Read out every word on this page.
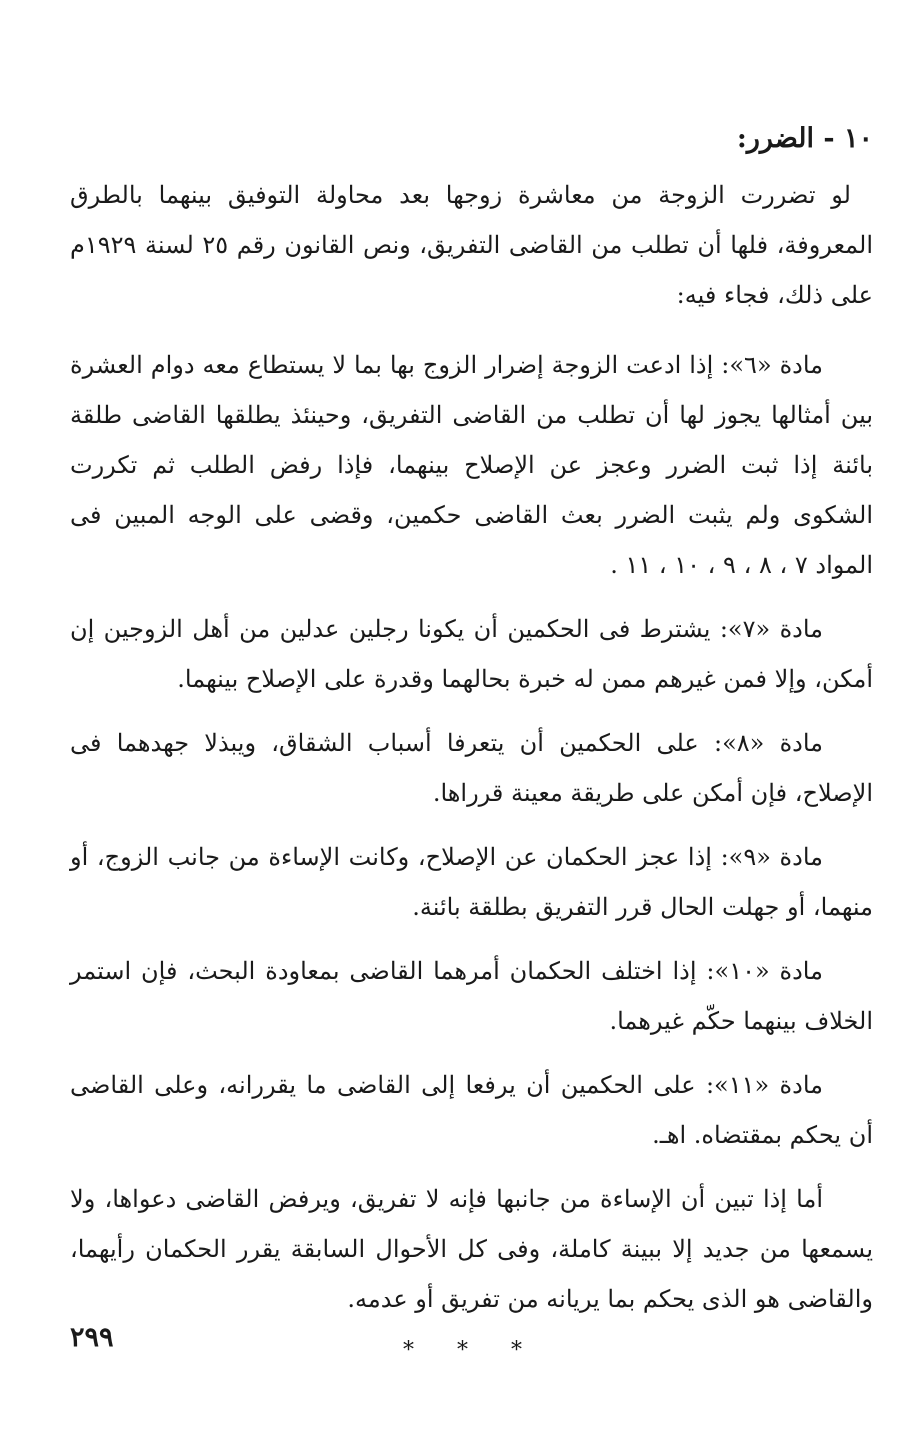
١٠ - الضرر:

لو تضررت الزوجة من معاشرة زوجها بعد محاولة التوفيق بينهما بالطرق المعروفة، فلها أن تطلب من القاضى التفريق، ونص القانون رقم ٢٥ لسنة ١٩٢٩م على ذلك، فجاء فيه:

مادة «٦»: إذا ادعت الزوجة إضرار الزوج بها بما لا يستطاع معه دوام العشرة بين أمثالها يجوز لها أن تطلب من القاضى التفريق، وحينئذ يطلقها القاضى طلقة بائنة إذا ثبت الضرر وعجز عن الإصلاح بينهما، فإذا رفض الطلب ثم تكررت الشكوى ولم يثبت الضرر بعث القاضى حكمين، وقضى على الوجه المبين فى المواد ٧ ، ٨ ، ٩ ، ١٠ ، ١١ .

مادة «٧»: يشترط فى الحكمين أن يكونا رجلين عدلين من أهل الزوجين إن أمكن، وإلا فمن غيرهم ممن له خبرة بحالهما وقدرة على الإصلاح بينهما.

مادة «٨»: على الحكمين أن يتعرفا أسباب الشقاق، ويبذلا جهدهما فى الإصلاح، فإن أمكن على طريقة معينة قرراها.

مادة «٩»: إذا عجز الحكمان عن الإصلاح، وكانت الإساءة من جانب الزوج، أو منهما، أو جهلت الحال قرر التفريق بطلقة بائنة.

مادة «١٠»: إذا اختلف الحكمان أمرهما القاضى بمعاودة البحث، فإن استمر الخلاف بينهما حكّم غيرهما.

مادة «١١»: على الحكمين أن يرفعا إلى القاضى ما يقررانه، وعلى القاضى أن يحكم بمقتضاه. اهـ.

أما إذا تبين أن الإساءة من جانبها فإنه لا تفريق، ويرفض القاضى دعواها، ولا يسمعها من جديد إلا ببينة كاملة، وفى كل الأحوال السابقة يقرر الحكمان رأيهما، والقاضى هو الذى يحكم بما يريانه من تفريق أو عدمه.

* * *
٢٩٩
